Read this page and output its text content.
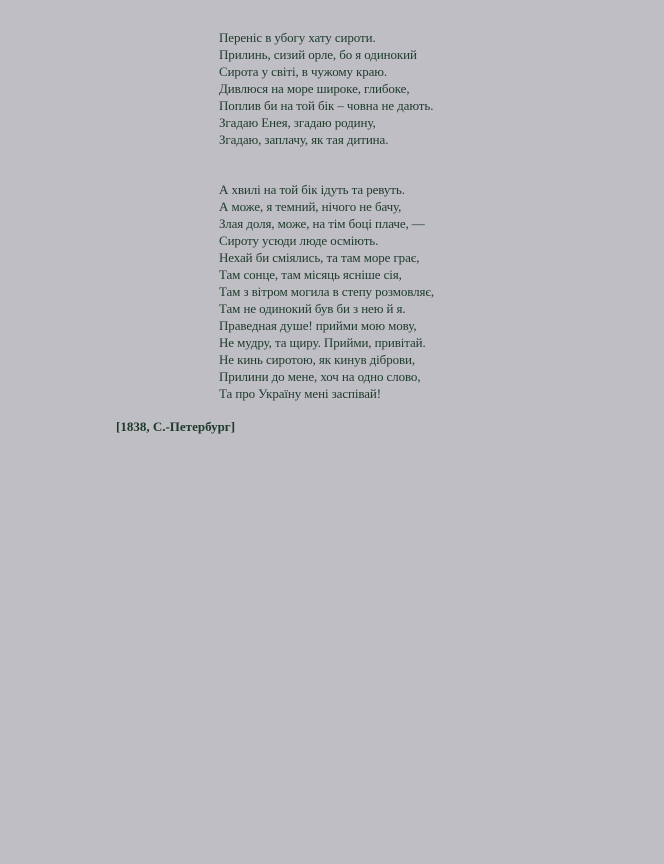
Переніс в убогу хату сироти.
Прилинь, сизий орле, бо я одинокий
Сирота у світі, в чужому краю.
Дивлюся на море широке, глибоке,
Поплив би на той бік – човна не дають.
Згадаю Енея, згадаю родину,
Згадаю, заплачу, як тая дитина.
А хвилі на той бік ідуть та ревуть.
А може, я темний, нічого не бачу,
Злая доля, може, на тім боці плаче, —
Сироту усюди люде осміють.
Нехай би сміялись, та там море грає,
Там сонце, там місяць ясніше сія,
Там з вітром могила в степу розмовляє,
Там не одинокий був би з нею й я.
Праведная душе! прийми мою мову,
Не мудру, та щиру. Прийми, привітай.
Не кинь сиротою, як кинув діброви,
Прилини до мене, хоч на одно слово,
Та про Україну мені заспівай!
[1838, С.-Петербург]
